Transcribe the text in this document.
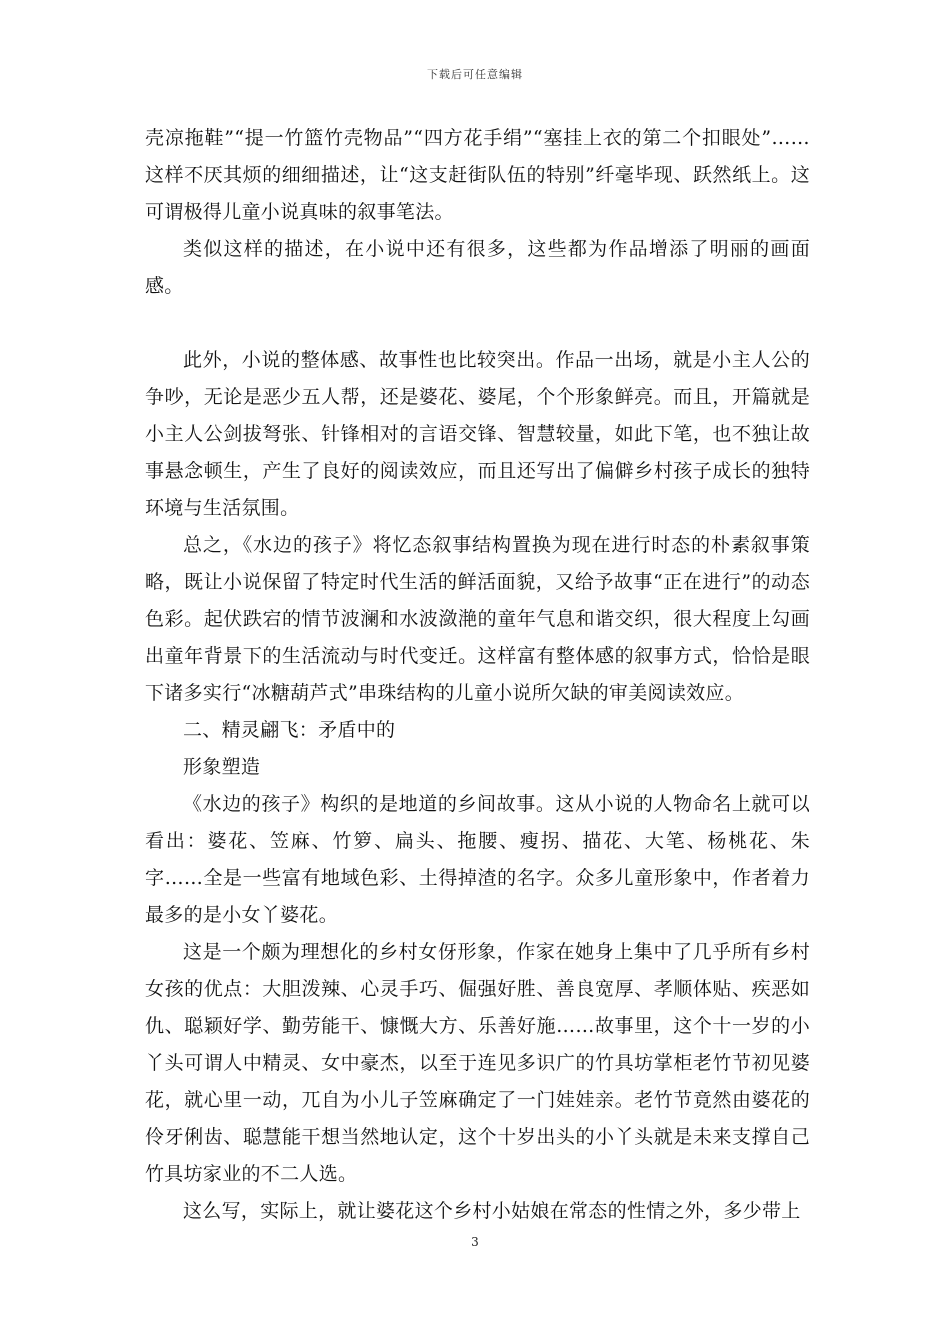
下载后可任意编辑

壳凉拖鞋”“提一竹篮竹壳物品”“四方花手绢”“塞挂上衣的第二个扣眼处”……这样不厌其烦的细细描述，让“这支赶街队伍的特别”纤毫毕现、跃然纸上。这可谓极得儿童小说真味的叙事笔法。

类似这样的描述，在小说中还有很多，这些都为作品增添了明丽的画面感。

此外，小说的整体感、故事性也比较突出。作品一出场，就是小主人公的争吵，无论是恶少五人帮，还是婆花、婆尾，个个形象鲜亮。而且，开篇就是小主人公剑拔弩张、针锋相对的言语交锋、智慧较量，如此下笔，也不独让故事悬念顿生，产生了良好的阅读效应，而且还写出了偏僻乡村孩子成长的独特环境与生活氛围。

总之，《水边的孩子》将忆态叙事结构置换为现在进行时态的朴素叙事策略，既让小说保留了特定时代生活的鲜活面貌，又给予故事“正在进行”的动态色彩。起伏跌宕的情节波澜和水波潋滟的童年气息和谐交织，很大程度上勾画出童年背景下的生活流动与时代变迁。这样富有整体感的叙事方式，恰恰是眼下诸多实行“冰糖葫芦式”串珠结构的儿童小说所欠缺的审美阅读效应。

二、精灵翩飞：矛盾中的

形象塑造

《水边的孩子》构织的是地道的乡间故事。这从小说的人物命名上就可以看出：婆花、笠麻、竹箩、扁头、拖腰、瘦拐、描花、大笔、杨桃花、朱字……全是一些富有地域色彩、土得掉渣的名字。众多儿童形象中，作者着力最多的是小女丫婆花。

这是一个颇为理想化的乡村女伢形象，作家在她身上集中了几乎所有乡村女孩的优点：大胆泼辣、心灵手巧、倔强好胜、善良宽厚、孝顺体贴、疾恶如仇、聪颖好学、勤劳能干、慷慨大方、乐善好施……故事里，这个十一岁的小丫头可谓人中精灵、女中豪杰，以至于连见多识广的竹具坊掌柜老竹节初见婆花，就心里一动，兀自为小儿子笠麻确定了一门娃娃亲。老竹节竟然由婆花的伶牙俐齿、聪慧能干想当然地认定，这个十岁出头的小丫头就是未来支撑自己竹具坊家业的不二人选。

这么写，实际上，就让婆花这个乡村小姑娘在常态的性情之外，多少带上

3
